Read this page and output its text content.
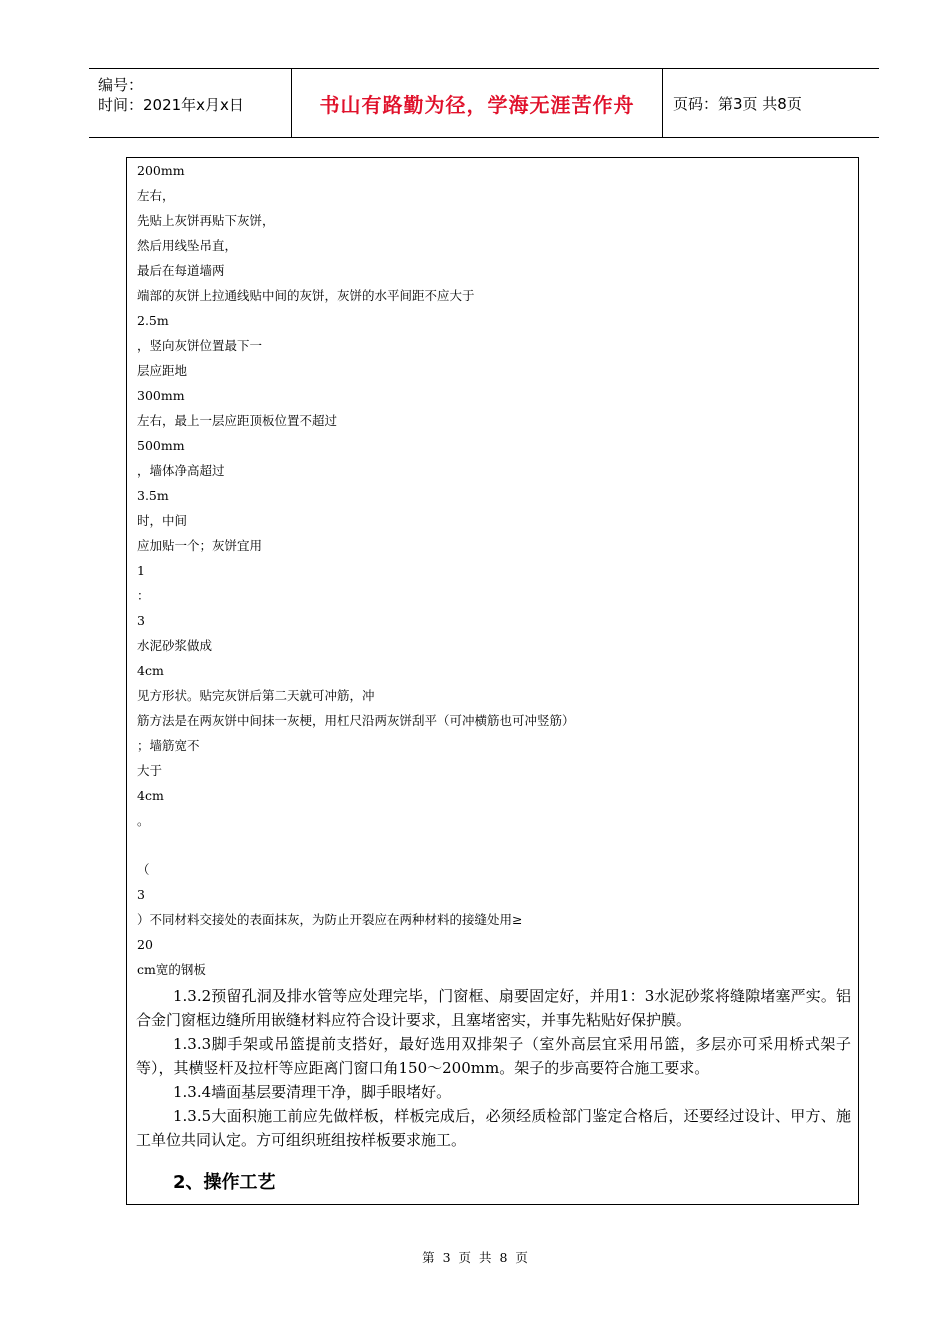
编号：
时间：2021年x月x日	书山有路勤为径，学海无涯苦作舟	页码：第3页 共8页
200mm
左右，
先贴上灰饼再贴下灰饼，
然后用线坠吊直，
最后在每道墙两
端部的灰饼上拉通线贴中间的灰饼，灰饼的水平间距不应大于
2.5m
，竖向灰饼位置最下一
层应距地
300mm
左右，最上一层应距顶板位置不超过
500mm
，墙体净高超过
3.5m
时，中间
应加贴一个；灰饼宜用
1
：
3
水泥砂浆做成
4cm
见方形状。贴完灰饼后第二天就可冲筋，冲
筋方法是在两灰饼中间抹一灰梗，用杠尺沿两灰饼刮平（可冲横筋也可冲竖筋）
；墙筋宽不
大于
4cm
。
（
3
）不同材料交接处的表面抹灰，为防止开裂应在两种材料的接缝处用≥
20
cm宽的钢板
1.3.2预留孔洞及排水管等应处理完毕，门窗框、扇要固定好，并用1：3水泥砂浆将缝隙堵塞严实。铝合金门窗框边缝所用嵌缝材料应符合设计要求，且塞堵密实，并事先粘贴好保护膜。
1.3.3脚手架或吊篮提前支搭好，最好选用双排架子（室外高层宜采用吊篮，多层亦可采用桥式架子等），其横竖杆及拉杆等应距离门窗口角150～200mm。架子的步高要符合施工要求。
1.3.4墙面基层要清理干净，脚手眼堵好。
1.3.5大面积施工前应先做样板，样板完成后，必须经质检部门鉴定合格后，还要经过设计、甲方、施工单位共同认定。方可组织班组按样板要求施工。
2、操作工艺
第 3 页 共 8 页
